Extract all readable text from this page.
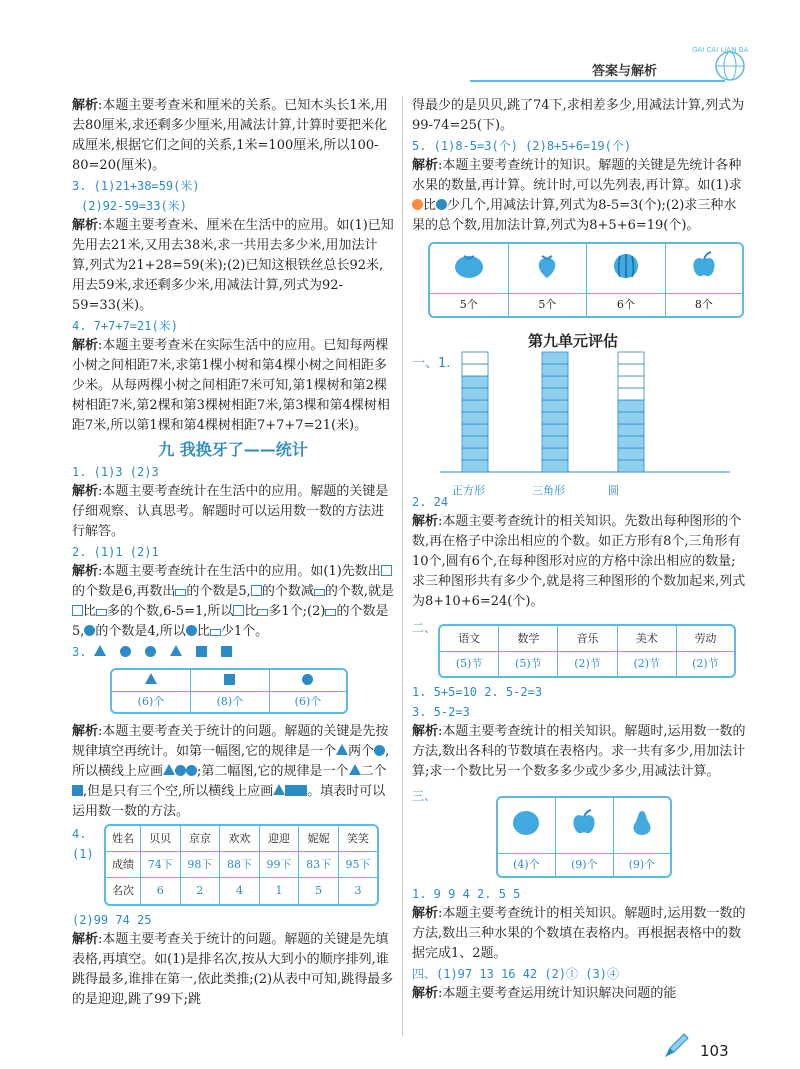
答案与解析
GAI CAI LIAN BA

解析:本题主要考查米和厘米的关系。已知木头长1米,用去80厘米,求还剩多少厘米,用减法计算,计算时要把米化成厘米,根据它们之间的关系,1米=100厘米,所以100-80=20(厘米)。

3. (1)21+38=59(米)

(2)92-59=33(米)

解析:本题主要考查米、厘米在生活中的应用。如(1)已知先用去21米,又用去38米,求一共用去多少米,用加法计算,列式为21+28=59(米);(2)已知这根铁丝总长92米,用去59米,求还剩多少米,用减法计算,列式为92-59=33(米)。

4. 7+7+7=21(米)

解析:本题主要考查米在实际生活中的应用。已知每两棵小树之间相距7米,求第1棵小树和第4棵小树之间相距多少米。从每两棵小树之间相距7米可知,第1棵树和第2棵树相距7米,第2棵和第3棵树相距7米,第3棵和第4棵树相距7米,所以第1棵和第4棵树相距7+7+7=21(米)。

九 我换牙了——统计

1. (1)3 (2)3

解析:本题主要考查统计在生活中的应用。解题的关键是仔细观察、认真思考。解题时可以运用数一数的方法进行解答。

2. (1)1 (2)1

解析:本题主要考查统计在生活中的应用。如(1)先数出的个数是6,再数出 的个数是5, 的个数减 的个数,就是比 多的个数,6-5=1,所以 比 多1个;(2) 的个数是5, 的个数是4,所以 比 少1个。

3.

(6)个	(8)个	(6)个

解析:本题主要考查关于统计的问题。解题的关键是先按规律填空再统计。如第一幅图,它的规律是一个 两个 ,所以横线上应画	;第二幅图,它的规律是一个 二个,但是只有三个空,所以横线上应画	。填表时可以运用数一数的方法。

4. (1)
姓名	贝贝	京京	欢欢	迎迎	妮妮	笑笑
成绩	74下	98下	88下	99下	83下	95下
名次	6	2	4	1	5	3

(2)99 74 25

解析:本题主要考查关于统计的问题。解题的关键是先填表格,再填空。如(1)是排名次,按从大到小的顺序排列,谁跳得最多,谁排在第一,依此类推;(2)从表中可知,跳得最多的是迎迎,跳了99下;跳

得最少的是贝贝,跳了74下,求相差多少,用减法计算,列式为99-74=25(下)。

5. (1)8-5=3(个) (2)8+5+6=19(个)

解析:本题主要考查统计的知识。解题的关键是先统计各种水果的数量,再计算。统计时,可以先列表,再计算。如(1)求比 少几个,用减法计算,列式为8-5=3(个);(2)求三种水果的总个数,用加法计算,列式为8+5+6=19(个)。

5个	5个	6个	8个
第九单元评估
一、1.
正方形	三角形	圆

2. 24

解析:本题主要考查统计的相关知识。先数出每种图形的个数,再在格子中涂出相应的个数。如正方形有8个,三角形有10个,圆有6个,在每种图形对应的方格中涂出相应的数量;求三种图形共有多少个,就是将三种图形的个数加起来,列式为8+10+6=24(个)。

二、
语文	数学	音乐	美术	劳动
(5)节	(5)节	(2)节	(2)节	(2)节

1. 5+5=10 2. 5-2=3

3. 5-2=3

解析:本题主要考查统计的相关知识。解题时,运用数一数的方法,数出各科的节数填在表格内。求一共有多少,用加法计算;求一个数比另一个数多多少或少多少,用减法计算。

三、

(4)个	(9)个	(9)个

1. 9 9 4 2. 5 5

解析:本题主要考查统计的相关知识。解题时,运用数一数的方法,数出三种水果的个数填在表格内。再根据表格中的数据完成1、2题。

四、(1)97 13 16 42 (2)① (3)④

解析:本题主要考查运用统计知识解决问题的能

103
